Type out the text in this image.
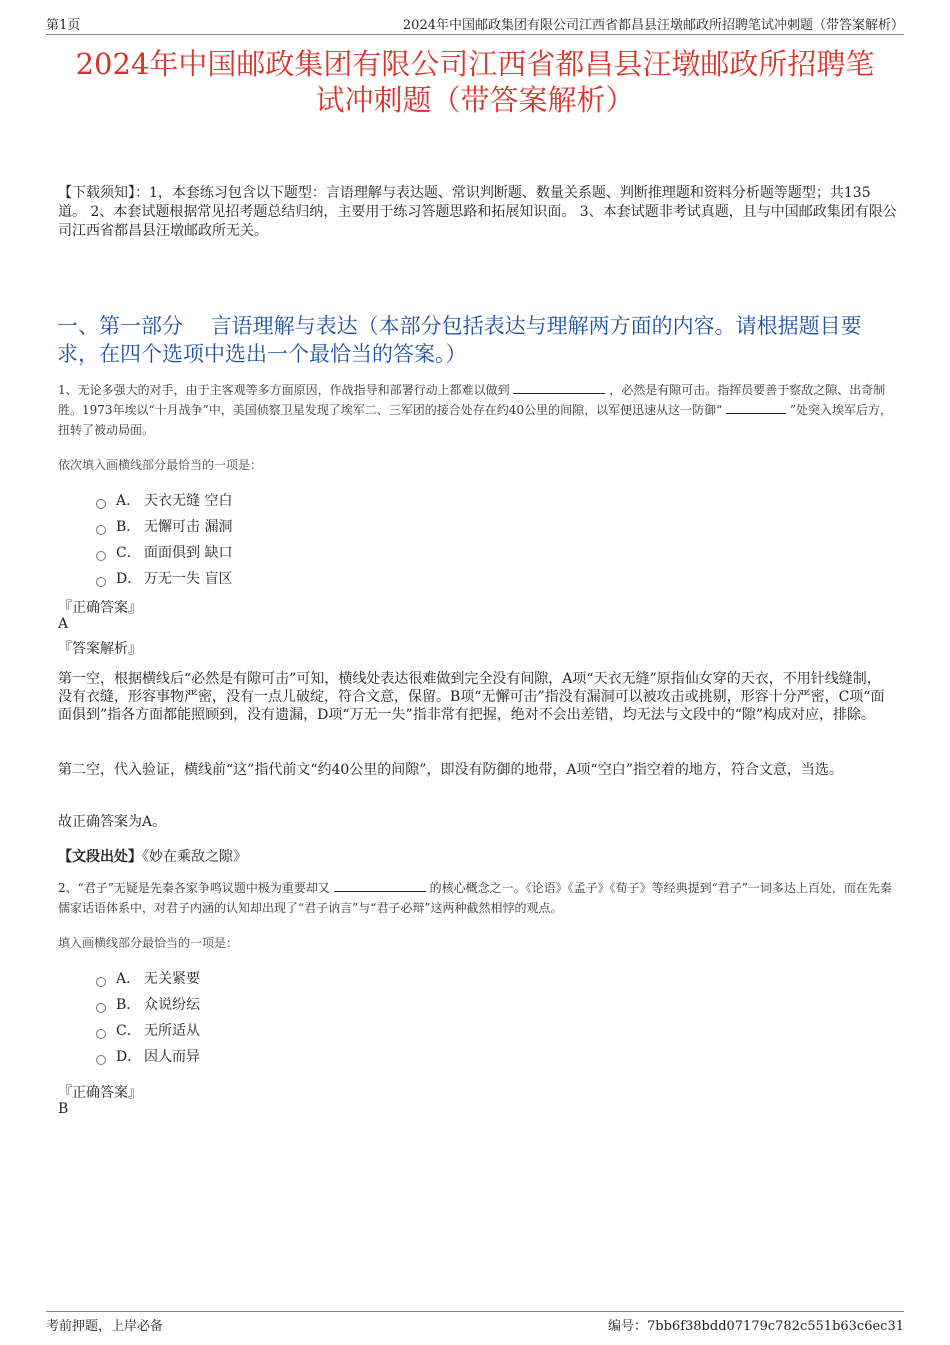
第1页	2024年中国邮政集团有限公司江西省都昌县汪墩邮政所招聘笔试冲刺题（带答案解析）
2024年中国邮政集团有限公司江西省都昌县汪墩邮政所招聘笔
试冲刺题（带答案解析）
【下载须知】：1，本套练习包含以下题型：言语理解与表达题、常识判断题、数量关系题、判断推理题和资料分析题等题型；共135道。 2、本套试题根据常见招考题总结归纳，主要用于练习答题思路和拓展知识面。 3、本套试题非考试真题，且与中国邮政集团有限公司江西省都昌县汪墩邮政所无关。
一、第一部分　 言语理解与表达（本部分包括表达与理解两方面的内容。请根据题目要求，在四个选项中选出一个最恰当的答案。）
1、无论多强大的对手，由于主客观等多方面原因，作战指导和部署行动上都难以做到	，必然是有隙可击。指挥员要善于察敌之隙、出奇制胜。1973年埃以“十月战争”中，美国侦察卫星发现了埃军二、三军团的接合处存在约40公里的间隙，以军便迅速从这一防御“	”处突入埃军后方，扭转了被动局面。
依次填入画横线部分最恰当的一项是：
A． 天衣无缝 空白
B． 无懈可击 漏洞
C． 面面俱到 缺口
D． 万无一失 盲区
『正确答案』
A
『答案解析』
第一空，根据横线后“必然是有隙可击”可知，横线处表达很难做到完全没有间隙，A项“天衣无缝”原指仙女穿的天衣，不用针线缝制，没有衣缝，形容事物严密，没有一点儿破绽，符合文意，保留。B项“无懈可击”指没有漏洞可以被攻击或挑剔，形容十分严密，C项“面面俱到”指各方面都能照顾到，没有遗漏，D项“万无一失”指非常有把握，绝对不会出差错，均无法与文段中的“隙”构成对应，排除。
第二空，代入验证，横线前“这”指代前文“约40公里的间隙”，即没有防御的地带，A项“空白”指空着的地方，符合文意，当选。
故正确答案为A。
【文段出处】《妙在乘敌之隙》
2、“君子”无疑是先秦各家争鸣议题中极为重要却又	的核心概念之一。《论语》《孟子》《荀子》等经典提到“君子”一词多达上百处，而在先秦儒家话语体系中，对君子内涵的认知却出现了“君子讷言”与“君子必辩”这两种截然相悖的观点。
填入画横线部分最恰当的一项是：
A． 无关紧要
B． 众说纷纭
C． 无所适从
D． 因人而异
『正确答案』
B
考前押题，上岸必备	编号：7bb6f38bdd07179c782c551b63c6ec31
